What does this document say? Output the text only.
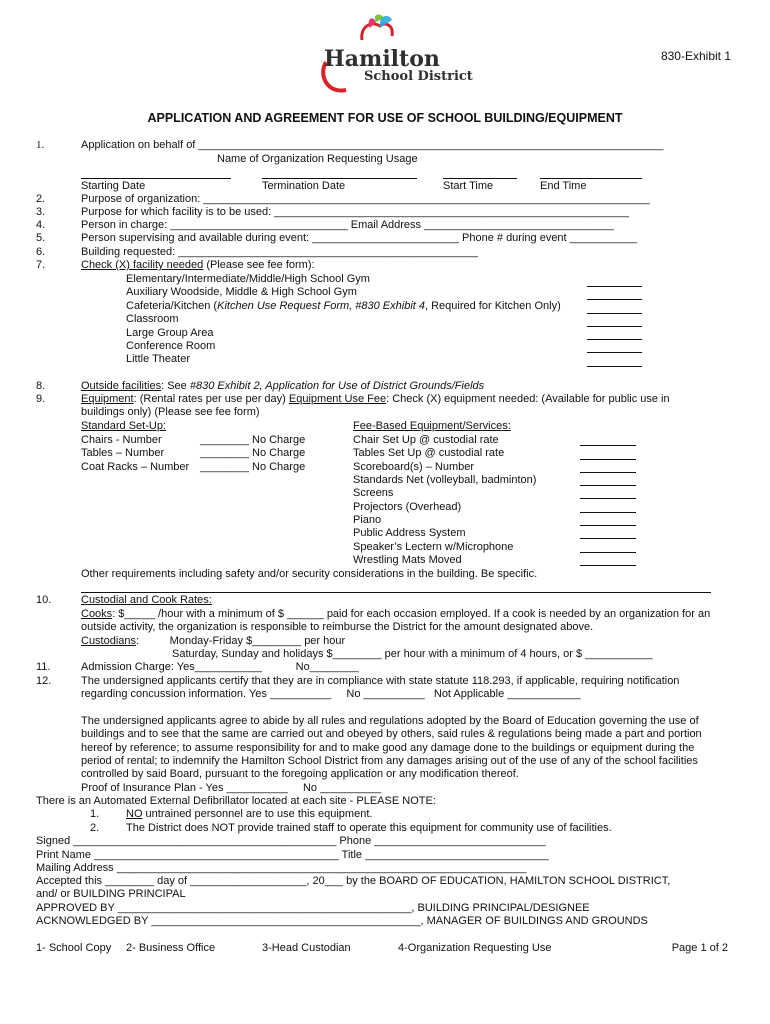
Hamilton
School District
830-Exhibit 1
APPLICATION AND AGREEMENT FOR USE OF SCHOOL BUILDING/EQUIPMENT
1.	Application on behalf of ____________________________________________________________________________
Name of Organization Requesting Usage
Starting Date	Termination Date	Start Time	End Time
2.	Purpose of organization: _________________________________________________________________________
3.	Purpose for which facility is to be used: __________________________________________________________
4.	Person in charge: _____________________________ Email Address _______________________________
5.	Person supervising and available during event: ________________________ Phone # during event ___________
6.	Building requested: _________________________________________________
7.	Check (X) facility needed (Please see fee form):
Elementary/Intermediate/Middle/High School Gym
Auxiliary Woodside, Middle & High School Gym
Cafeteria/Kitchen (Kitchen Use Request Form, #830 Exhibit 4, Required for Kitchen Only)
Classroom
Large Group Area
Conference Room
Little Theater
8.	Outside facilities: See #830 Exhibit 2, Application for Use of District Grounds/Fields
9.	Equipment: (Rental rates per use per day) Equipment Use Fee: Check (X) equipment needed: (Available for public use in
buildings only) (Please see fee form)
Standard Set-Up:
Chairs - Number	________ No Charge
Tables – Number	________ No Charge
Coat Racks – Number ________ No Charge
Fee-Based Equipment/Services:
Chair Set Up @ custodial rate
Tables Set Up @ custodial rate
Scoreboard(s) – Number
Standards Net (volleyball, badminton)
Screens
Projectors (Overhead)
Piano
Public Address System
Speaker’s Lectern w/Microphone
Wrestling Mats Moved
Other requirements including safety and/or security considerations in the building. Be specific.
10.	Custodial and Cook Rates:
Cooks: $_____ /hour with a minimum of $ ______ paid for each occasion employed. If a cook is needed by an organization for an
outside activity, the organization is responsible to reimburse the District for the amount designated above.
Custodians:          Monday-Friday $________ per hour
Saturday, Sunday and holidays $________ per hour with a minimum of 4 hours, or $ ___________
11.	Admission Charge: Yes___________           No________
12.	The undersigned applicants certify that they are in compliance with state statute 118.293, if applicable, requiring notification
regarding concussion information. Yes __________     No __________   Not Applicable ____________
The undersigned applicants agree to abide by all rules and regulations adopted by the Board of Education governing the use of
buildings and to see that the same are carried out and obeyed by others, said rules & regulations being made a part and portion
hereof by reference; to assume responsibility for and to make good any damage done to the buildings or equipment during the
period of rental; to indemnify the Hamilton School District from any damages arising out of the use of any of the school facilities
controlled by said Board, pursuant to the foregoing application or any modification thereof.
Proof of Insurance Plan - Yes __________     No __________
There is an Automated External Defibrillator located at each site - PLEASE NOTE:
1. NO untrained personnel are to use this equipment.
2. The District does NOT provide trained staff to operate this equipment for community use of facilities.
Signed ___________________________________________ Phone ____________________________
Print Name ________________________________________ Title ______________________________
Mailing Address ___________________________________________________________________
Accepted this ________ day of ___________________, 20___ by the BOARD OF EDUCATION, HAMILTON SCHOOL DISTRICT,
and/ or BUILDING PRINCIPAL
APPROVED BY ________________________________________________, BUILDING PRINCIPAL/DESIGNEE
ACKNOWLEDGED BY ____________________________________________, MANAGER OF BUILDINGS AND GROUNDS
1- School Copy 2- Business Office	3-Head Custodian	4-Organization Requesting Use	Page 1 of 2
